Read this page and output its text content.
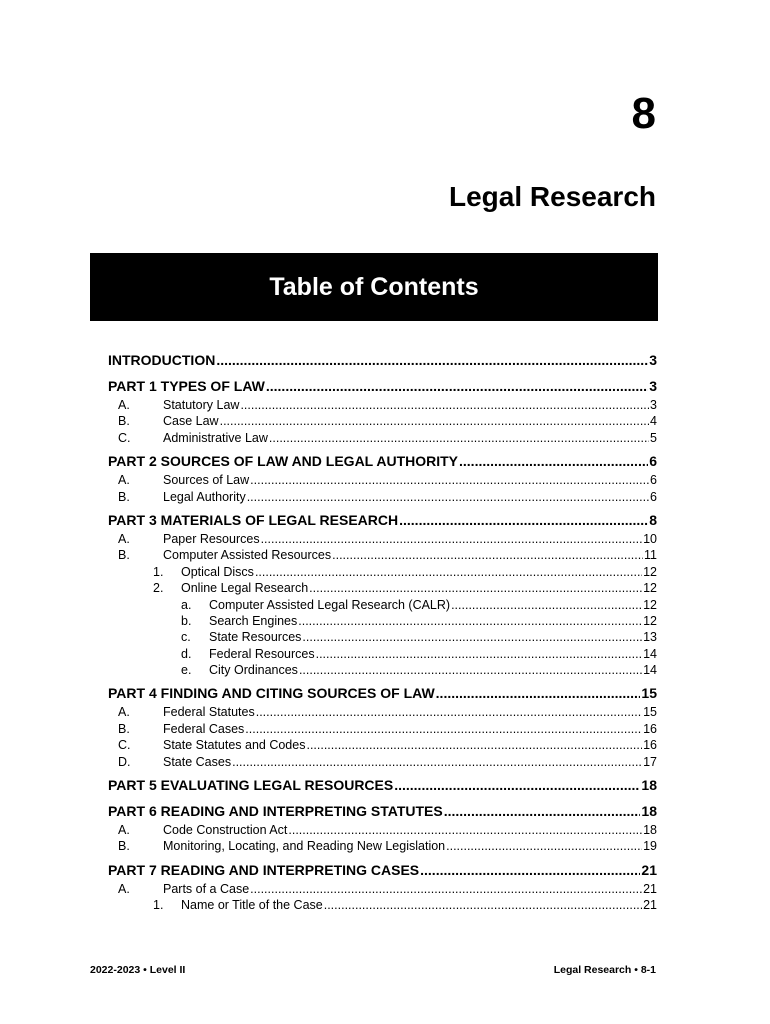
8
Legal Research
Table of Contents
INTRODUCTION .....	3
PART 1 TYPES OF LAW .....	3
A.	Statutory Law .....	3
B.	Case Law .....	4
C.	Administrative Law .....	5
PART 2 SOURCES OF LAW AND LEGAL AUTHORITY .....	6
A.	Sources of Law .....	6
B.	Legal Authority .....	6
PART 3 MATERIALS OF LEGAL RESEARCH .....	8
A.	Paper Resources .....	10
B.	Computer Assisted Resources .....	11
1. Optical Discs .....	12
2. Online Legal Research .....	12
a. Computer Assisted Legal Research (CALR) .....	12
b. Search Engines .....	12
c. State Resources .....	13
d. Federal Resources .....	14
e. City Ordinances .....	14
PART 4 FINDING AND CITING SOURCES OF LAW .....	15
A.	Federal Statutes .....	15
B.	Federal Cases .....	16
C.	State Statutes and Codes .....	16
D.	State Cases .....	17
PART 5 EVALUATING LEGAL RESOURCES .....	18
PART 6 READING AND INTERPRETING STATUTES .....	18
A.	Code Construction Act .....	18
B.	Monitoring, Locating, and Reading New Legislation .....	19
PART 7 READING AND INTERPRETING CASES .....	21
A.	Parts of a Case .....	21
1. Name or Title of the Case .....	21
2022-2023 • Level II	Legal Research • 8-1
